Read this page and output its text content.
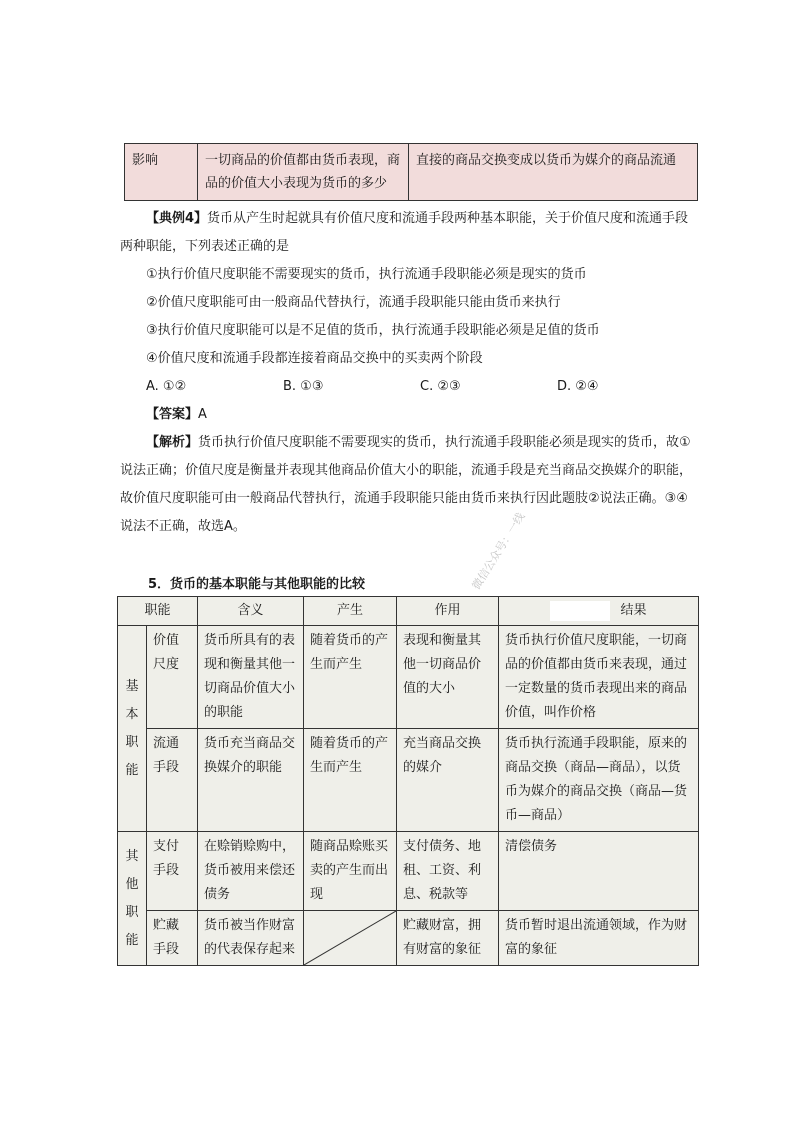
影响	一切商品的价值都由货币表现，商品的价值大小表现为货币的多少	直接的商品交换变成以货币为媒介的商品流通

【典例4】货币从产生时起就具有价值尺度和流通手段两种基本职能，关于价值尺度和流通手段两种职能，下列表述正确的是

①执行价值尺度职能不需要现实的货币，执行流通手段职能必须是现实的货币

②价值尺度职能可由一般商品代替执行，流通手段职能只能由货币来执行

③执行价值尺度职能可以是不足值的货币，执行流通手段职能必须是足值的货币

④价值尺度和流通手段都连接着商品交换中的买卖两个阶段

A. ①②	B. ①③	C. ②③	D. ②④

【答案】A

【解析】货币执行价值尺度职能不需要现实的货币，执行流通手段职能必须是现实的货币，故①说法正确；价值尺度是衡量并表现其他商品价值大小的职能，流通手段是充当商品交换媒介的职能，故价值尺度职能可由一般商品代替执行，流通手段职能只能由货币来执行因此题肢②说法正确。③④说法不正确，故选A。

5．货币的基本职能与其他职能的比较	微信公众号：一线
职能		含义	产生	作用	结果
基本职能	价值尺度	货币所具有的表现和衡量其他一切商品价值大小的职能	随着货币的产生而产生	表现和衡量其他一切商品价值的大小	货币执行价值尺度职能，一切商品的价值都由货币来表现，通过一定数量的货币表现出来的商品价值，叫作价格
	流通手段	货币充当商品交换媒介的职能	随着货币的产生而产生	充当商品交换的媒介	货币执行流通手段职能，原来的商品交换（商品—商品），以货币为媒介的商品交换（商品—货币—商品）
其他职能	支付手段	在赊销赊购中，货币被用来偿还债务	随商品赊账买卖的产生而出现	支付债务、地租、工资、利息、税款等	清偿债务
	贮藏手段	货币被当作财富的代表保存起来		贮藏财富，拥有财富的象征	货币暂时退出流通领域，作为财富的象征
